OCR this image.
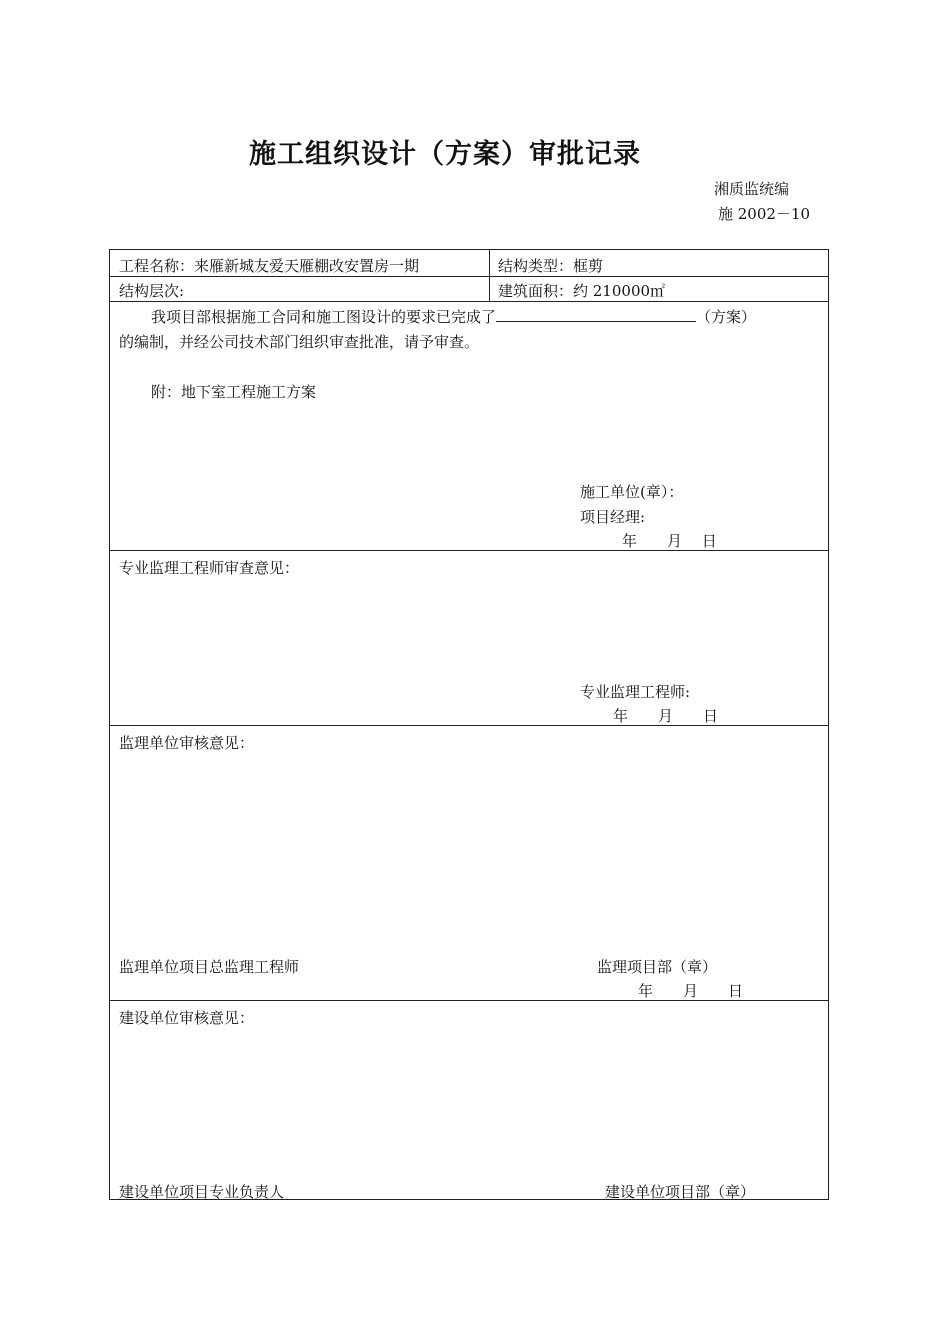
施工组织设计（方案）审批记录
湘质监统编
施 2002－10
工程名称：来雁新城友爱天雁棚改安置房一期	结构类型：框剪
结构层次:	建筑面积：约 210000㎡
我项目部根据施工合同和施工图设计的要求已完成了	（方案）
的编制，并经公司技术部门组织审查批准，请予审查。
附：地下室工程施工方案
施工单位(章）：
项目经理:
年　　月　 日
专业监理工程师审查意见：
专业监理工程师:
年　　月　　日
监理单位审核意见：
监理单位项目总监理工程师	监理项目部（章）
年　　月　　日
建设单位审核意见：
建设单位项目专业负责人	建设单位项目部（章）
